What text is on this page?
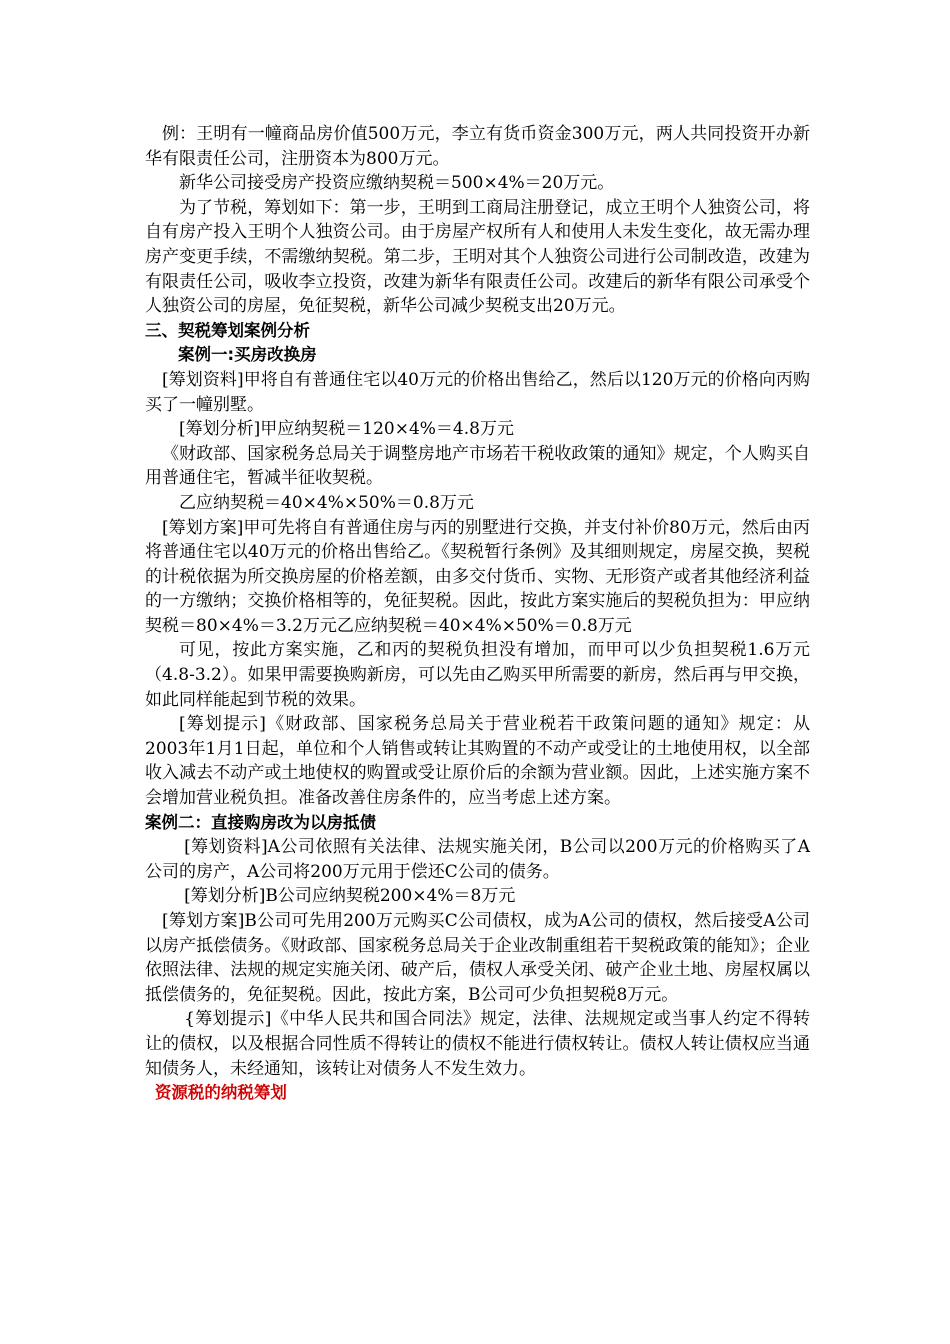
例：王明有一幢商品房价值500万元，李立有货币资金300万元，两人共同投资开办新华有限责任公司，注册资本为800万元。

新华公司接受房产投资应缴纳契税＝500×4%＝20万元。

为了节税，筹划如下：第一步，王明到工商局注册登记，成立王明个人独资公司，将自有房产投入王明个人独资公司。由于房屋产权所有人和使用人未发生变化，故无需办理房产变更手续，不需缴纳契税。第二步，王明对其个人独资公司进行公司制改造，改建为有限责任公司，吸收李立投资，改建为新华有限责任公司。改建后的新华有限公司承受个人独资公司的房屋，免征契税，新华公司减少契税支出20万元。

三、契税筹划案例分析

案例一:买房改换房

[筹划资料]甲将自有普通住宅以40万元的价格出售给乙，然后以120万元的价格向丙购买了一幢别墅。

[筹划分析]甲应纳契税＝120×4%＝4.8万元

《财政部、国家税务总局关于调整房地产市场若干税收政策的通知》规定，个人购买自用普通住宅，暂减半征收契税。

乙应纳契税＝40×4%×50%＝0.8万元

[筹划方案]甲可先将自有普通住房与丙的别墅进行交换，并支付补价80万元，然后由丙将普通住宅以40万元的价格出售给乙。《契税暂行条例》及其细则规定，房屋交换，契税的计税依据为所交换房屋的价格差额，由多交付货币、实物、无形资产或者其他经济利益的一方缴纳；交换价格相等的，免征契税。因此，按此方案实施后的契税负担为：甲应纳契税＝80×4%＝3.2万元乙应纳契税＝40×4%×50%＝0.8万元

可见，按此方案实施，乙和丙的契税负担没有增加，而甲可以少负担契税1.6万元（4.8-3.2）。如果甲需要换购新房，可以先由乙购买甲所需要的新房，然后再与甲交换，如此同样能起到节税的效果。

[筹划提示]《财政部、国家税务总局关于营业税若干政策问题的通知》规定：从2003年1月1日起，单位和个人销售或转让其购置的不动产或受让的土地使用权，以全部收入减去不动产或土地使权的购置或受让原价后的余额为营业额。因此，上述实施方案不会增加营业税负担。准备改善住房条件的，应当考虑上述方案。

案例二：直接购房改为以房抵债

[筹划资料]A公司依照有关法律、法规实施关闭，B公司以200万元的价格购买了A公司的房产，A公司将200万元用于偿还C公司的债务。

[筹划分析]B公司应纳契税200×4%＝8万元

[筹划方案]B公司可先用200万元购买C公司债权，成为A公司的债权，然后接受A公司以房产抵偿债务。《财政部、国家税务总局关于企业改制重组若干契税政策的能知》；企业依照法律、法规的规定实施关闭、破产后，债权人承受关闭、破产企业土地、房屋权属以抵偿债务的，免征契税。因此，按此方案，B公司可少负担契税8万元。

{筹划提示]《中华人民共和国合同法》规定，法律、法规规定或当事人约定不得转让的债权，以及根据合同性质不得转让的债权不能进行债权转让。债权人转让债权应当通知债务人，未经通知，该转让对债务人不发生效力。

资源税的纳税筹划
